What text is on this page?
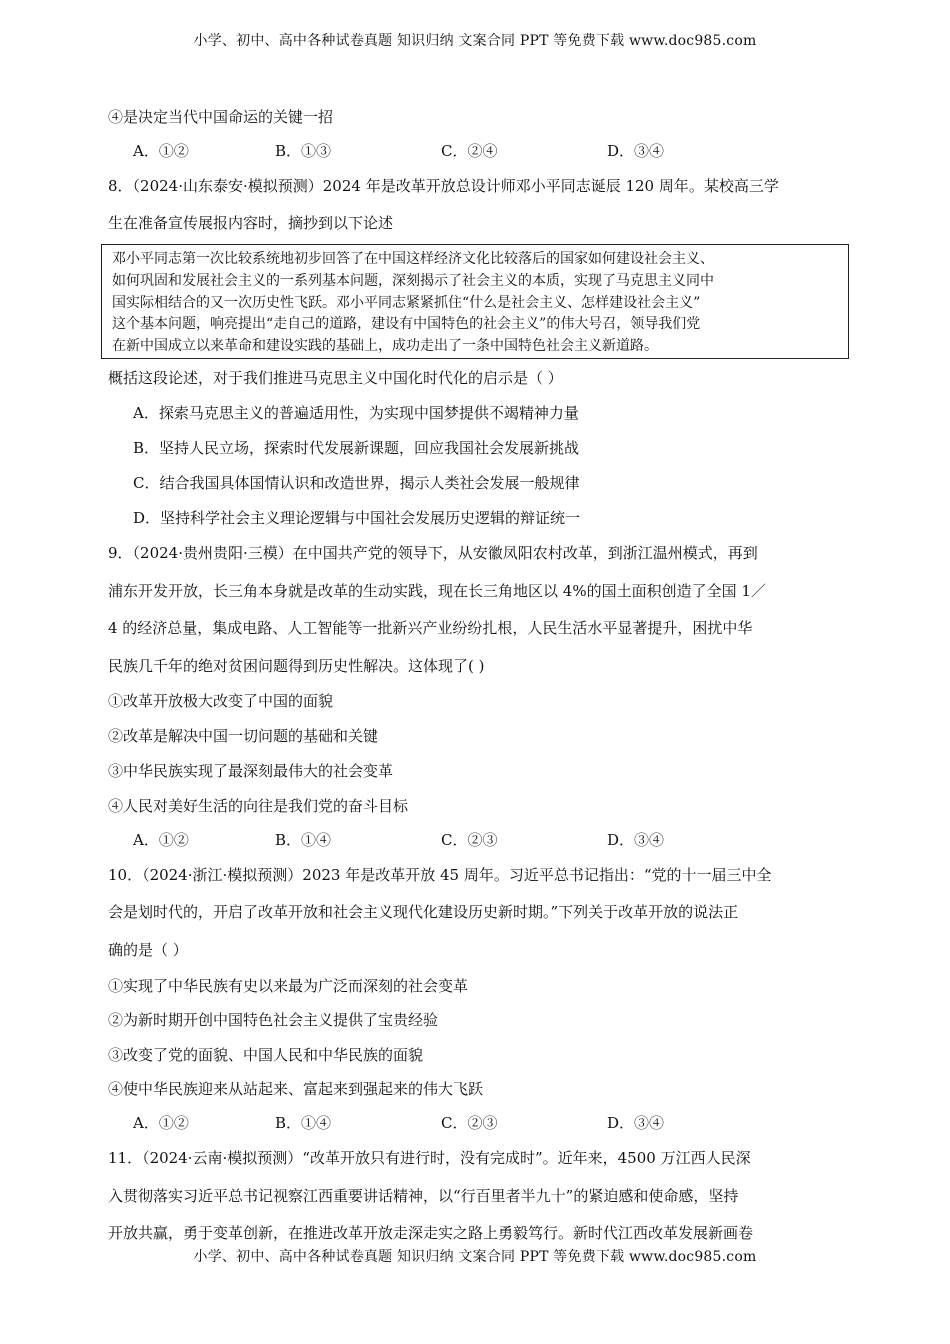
小学、初中、高中各种试卷真题 知识归纳 文案合同 PPT 等免费下载 www.doc985.com
④是决定当代中国命运的关键一招
A．①②	B．①③	C．②④	D．③④
8．（2024·山东泰安·模拟预测）2024 年是改革开放总设计师邓小平同志诞辰 120 周年。某校高三学
生在准备宣传展报内容时，摘抄到以下论述
邓小平同志第一次比较系统地初步回答了在中国这样经济文化比较落后的国家如何建设社会主义、
如何巩固和发展社会主义的一系列基本问题，深刻揭示了社会主义的本质，实现了马克思主义同中
国实际相结合的又一次历史性飞跃。邓小平同志紧紧抓住“什么是社会主义、怎样建设社会主义”
这个基本问题，响亮提出“走自己的道路，建设有中国特色的社会主义”的伟大号召，领导我们党
在新中国成立以来革命和建设实践的基础上，成功走出了一条中国特色社会主义新道路。
概括这段论述，对于我们推进马克思主义中国化时代化的启示是（ ）
A．探索马克思主义的普遍适用性，为实现中国梦提供不竭精神力量
B．坚持人民立场，探索时代发展新课题，回应我国社会发展新挑战
C．结合我国具体国情认识和改造世界，揭示人类社会发展一般规律
D．坚持科学社会主义理论逻辑与中国社会发展历史逻辑的辩证统一
9．（2024·贵州贵阳·三模）在中国共产党的领导下，从安徽凤阳农村改革，到浙江温州模式，再到
浦东开发开放，长三角本身就是改革的生动实践，现在长三角地区以 4%的国土面积创造了全国 1／
4 的经济总量，集成电路、人工智能等一批新兴产业纷纷扎根，人民生活水平显著提升，困扰中华
民族几千年的绝对贫困问题得到历史性解决。这体现了( )
①改革开放极大改变了中国的面貌
②改革是解决中国一切问题的基础和关键
③中华民族实现了最深刻最伟大的社会变革
④人民对美好生活的向往是我们党的奋斗目标
A．①②	B．①④	C．②③	D．③④
10．（2024·浙江·模拟预测）2023 年是改革开放 45 周年。习近平总书记指出：“党的十一届三中全
会是划时代的，开启了改革开放和社会主义现代化建设历史新时期。”下列关于改革开放的说法正
确的是（ ）
①实现了中华民族有史以来最为广泛而深刻的社会变革
②为新时期开创中国特色社会主义提供了宝贵经验
③改变了党的面貌、中国人民和中华民族的面貌
④使中华民族迎来从站起来、富起来到强起来的伟大飞跃
A．①②	B．①④	C．②③	D．③④
11．（2024·云南·模拟预测）“改革开放只有进行时，没有完成时”。近年来，4500 万江西人民深
入贯彻落实习近平总书记视察江西重要讲话精神，以“行百里者半九十”的紧迫感和使命感，坚持
开放共赢，勇于变革创新，在推进改革开放走深走实之路上勇毅笃行。新时代江西改革发展新画卷
小学、初中、高中各种试卷真题 知识归纳 文案合同 PPT 等免费下载 www.doc985.com
